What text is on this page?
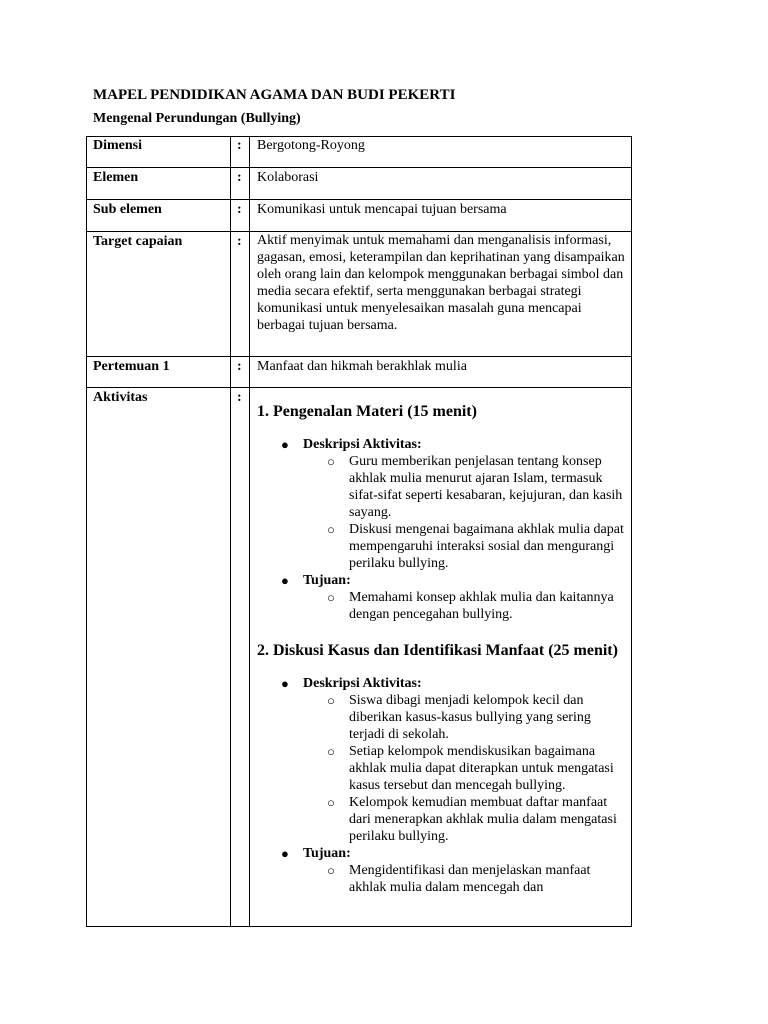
MAPEL PENDIDIKAN AGAMA DAN BUDI PEKERTI
Mengenal Perundungan (Bullying)
Dimensi	: Bergotong-Royong
Elemen	: Kolaborasi
Sub elemen	: Komunikasi untuk mencapai tujuan bersama
Target capaian	: Aktif menyimak untuk memahami dan menganalisis informasi, gagasan, emosi, keterampilan dan keprihatinan yang disampaikan oleh orang lain dan kelompok menggunakan berbagai simbol dan media secara efektif, serta menggunakan berbagai strategi komunikasi untuk menyelesaikan masalah guna mencapai berbagai tujuan bersama.
Pertemuan 1	: Manfaat dan hikmah berakhlak mulia
Aktivitas	:

1. Pengenalan Materi (15 menit)

● Deskripsi Aktivitas:
○ Guru memberikan penjelasan tentang konsep akhlak mulia menurut ajaran Islam, termasuk sifat-sifat seperti kesabaran, kejujuran, dan kasih sayang.
○ Diskusi mengenai bagaimana akhlak mulia dapat mempengaruhi interaksi sosial dan mengurangi perilaku bullying.
● Tujuan:
○ Memahami konsep akhlak mulia dan kaitannya dengan pencegahan bullying.

2. Diskusi Kasus dan Identifikasi Manfaat (25 menit)

● Deskripsi Aktivitas:
○ Siswa dibagi menjadi kelompok kecil dan diberikan kasus-kasus bullying yang sering terjadi di sekolah.
○ Setiap kelompok mendiskusikan bagaimana akhlak mulia dapat diterapkan untuk mengatasi kasus tersebut dan mencegah bullying.
○ Kelompok kemudian membuat daftar manfaat dari menerapkan akhlak mulia dalam mengatasi perilaku bullying.
● Tujuan:
○ Mengidentifikasi dan menjelaskan manfaat akhlak mulia dalam mencegah dan
